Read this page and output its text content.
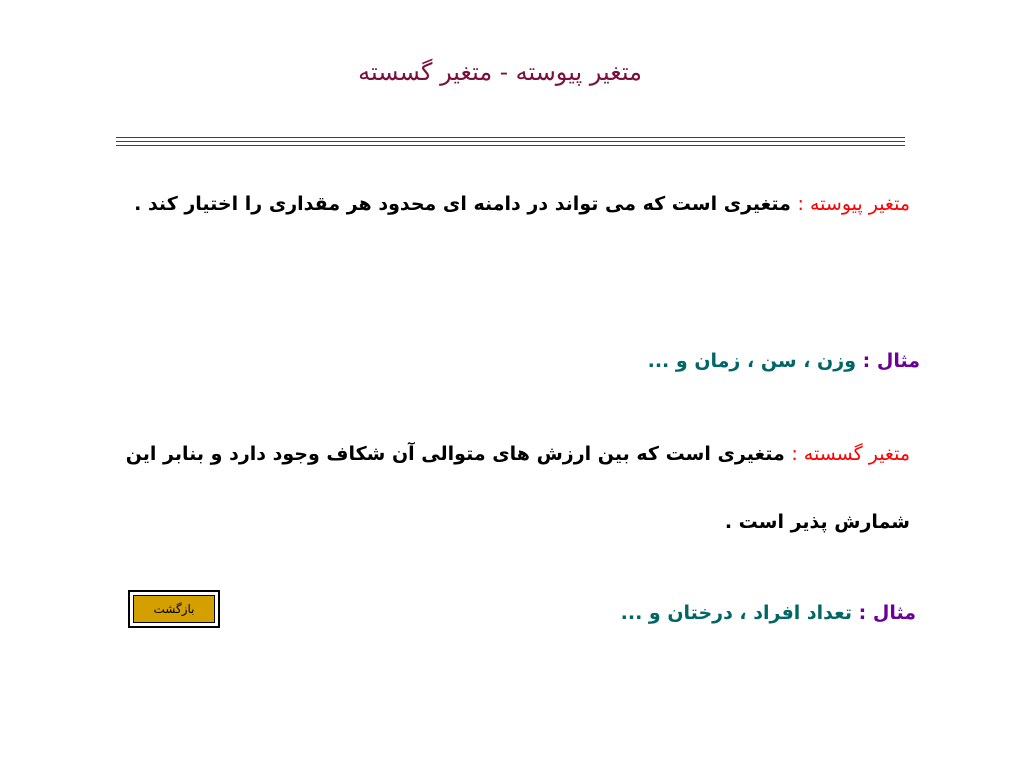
متغیر پیوسته - متغیر گسسته
متغیر پیوسته : متغیری است که می تواند در دامنه ای محدود هر مقداری را اختیار کند .
مثال : وزن ، سن ، زمان و ...
متغیر گسسته : متغیری است که بین ارزش های متوالی آن شکاف وجود دارد و بنابر این شمارش پذیر است .
مثال : تعداد افراد ، درختان و ...
بازگشت
